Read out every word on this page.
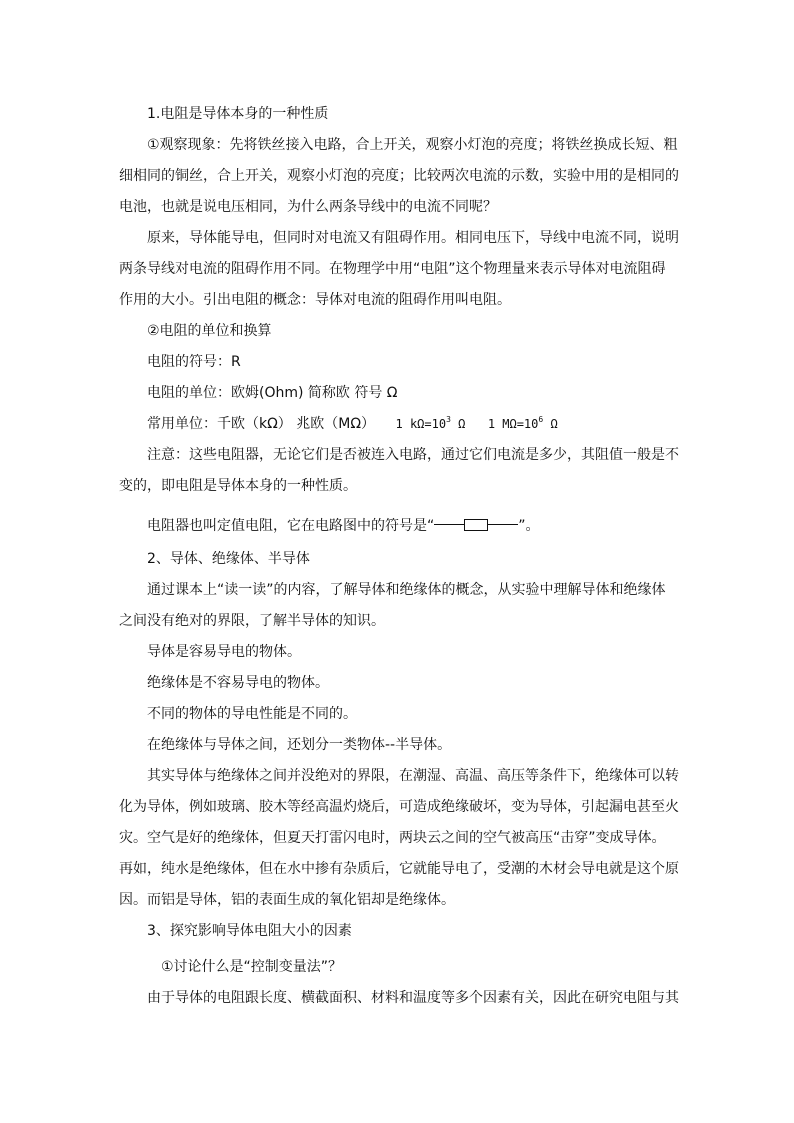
1.电阻是导体本身的一种性质
①观察现象：先将铁丝接入电路，合上开关，观察小灯泡的亮度；将铁丝换成长短、粗
细相同的铜丝，合上开关，观察小灯泡的亮度；比较两次电流的示数，实验中用的是相同的
电池，也就是说电压相同，为什么两条导线中的电流不同呢？
原来，导体能导电，但同时对电流又有阻碍作用。相同电压下，导线中电流不同，说明
两条导线对电流的阻碍作用不同。在物理学中用“电阻”这个物理量来表示导体对电流阻碍
作用的大小。引出电阻的概念：导体对电流的阻碍作用叫电阻。
②电阻的单位和换算
电阻的符号：R
电阻的单位：欧姆(Ohm) 简称欧 符号 Ω
常用单位：千欧（kΩ） 兆欧（MΩ） 1 $k\Omega=10^3$ Ω 1 $M\Omega=10^6$ Ω
注意：这些电阻器，无论它们是否被连入电路，通过它们电流是多少，其阻值一般是不
变的，即电阻是导体本身的一种性质。
电阻器也叫定值电阻，它在电路图中的符号是“	”。
2、导体、绝缘体、半导体
通过课本上“读一读”的内容，了解导体和绝缘体的概念，从实验中理解导体和绝缘体
之间没有绝对的界限，了解半导体的知识。
导体是容易导电的物体。
绝缘体是不容易导电的物体。
不同的物体的导电性能是不同的。
在绝缘体与导体之间，还划分一类物体--半导体。
其实导体与绝缘体之间并没绝对的界限，在潮湿、高温、高压等条件下，绝缘体可以转
化为导体，例如玻璃、胶木等经高温灼烧后，可造成绝缘破坏，变为导体，引起漏电甚至火
灾。空气是好的绝缘体，但夏天打雷闪电时，两块云之间的空气被高压“击穿”变成导体。
再如，纯水是绝缘体，但在水中掺有杂质后，它就能导电了，受潮的木材会导电就是这个原
因。而铝是导体，铝的表面生成的氧化铝却是绝缘体。
3、探究影响导体电阻大小的因素
①讨论什么是“控制变量法”？
由于导体的电阻跟长度、横截面积、材料和温度等多个因素有关，因此在研究电阻与其
